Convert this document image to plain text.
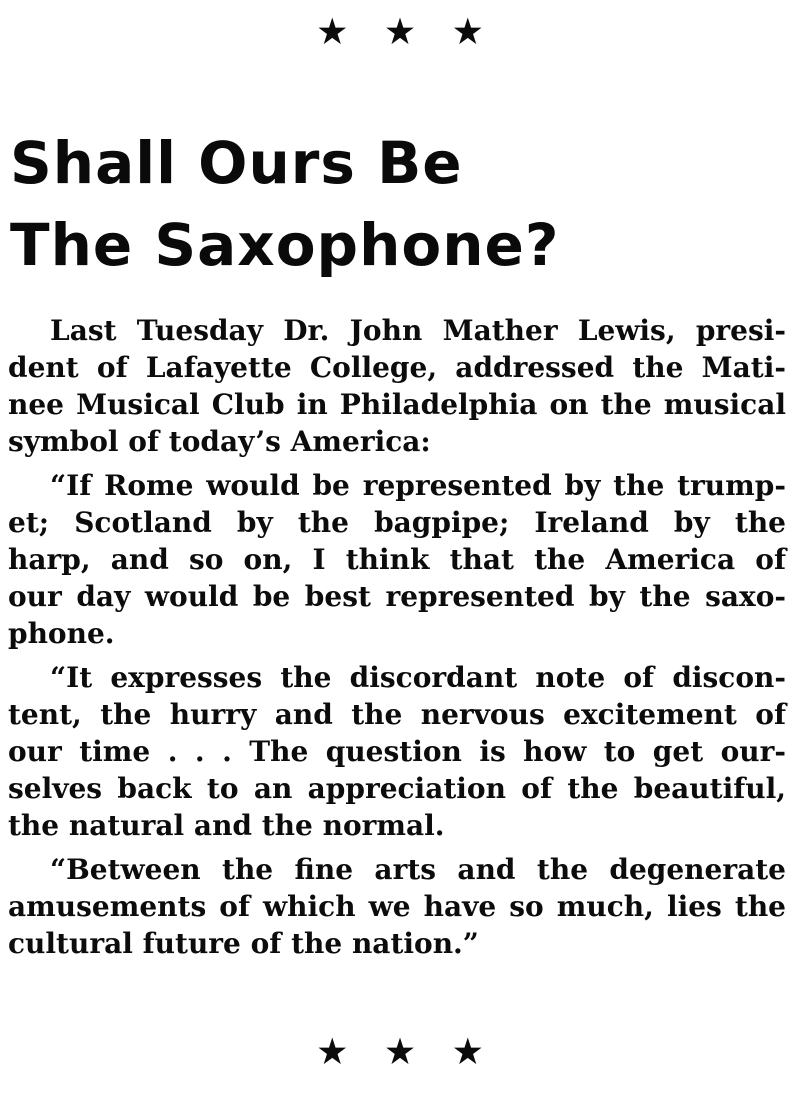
★ ★ ★
Shall Ours Be
The Saxophone?

Last Tuesday Dr. John Mather Lewis, presi-
dent of Lafayette College, addressed the Mati-
nee Musical Club in Philadelphia on the musical
symbol of today’s America:

“If Rome would be represented by the trump-
et; Scotland by the bagpipe; Ireland by the
harp, and so on, I think that the America of
our day would be best represented by the saxo-
phone.

“It expresses the discordant note of discon-
tent, the hurry and the nervous excitement of
our time . . . The question is how to get our-
selves back to an appreciation of the beautiful,
the natural and the normal.

“Between the fine arts and the degenerate
amusements of which we have so much, lies the
cultural future of the nation.”

★ ★ ★
